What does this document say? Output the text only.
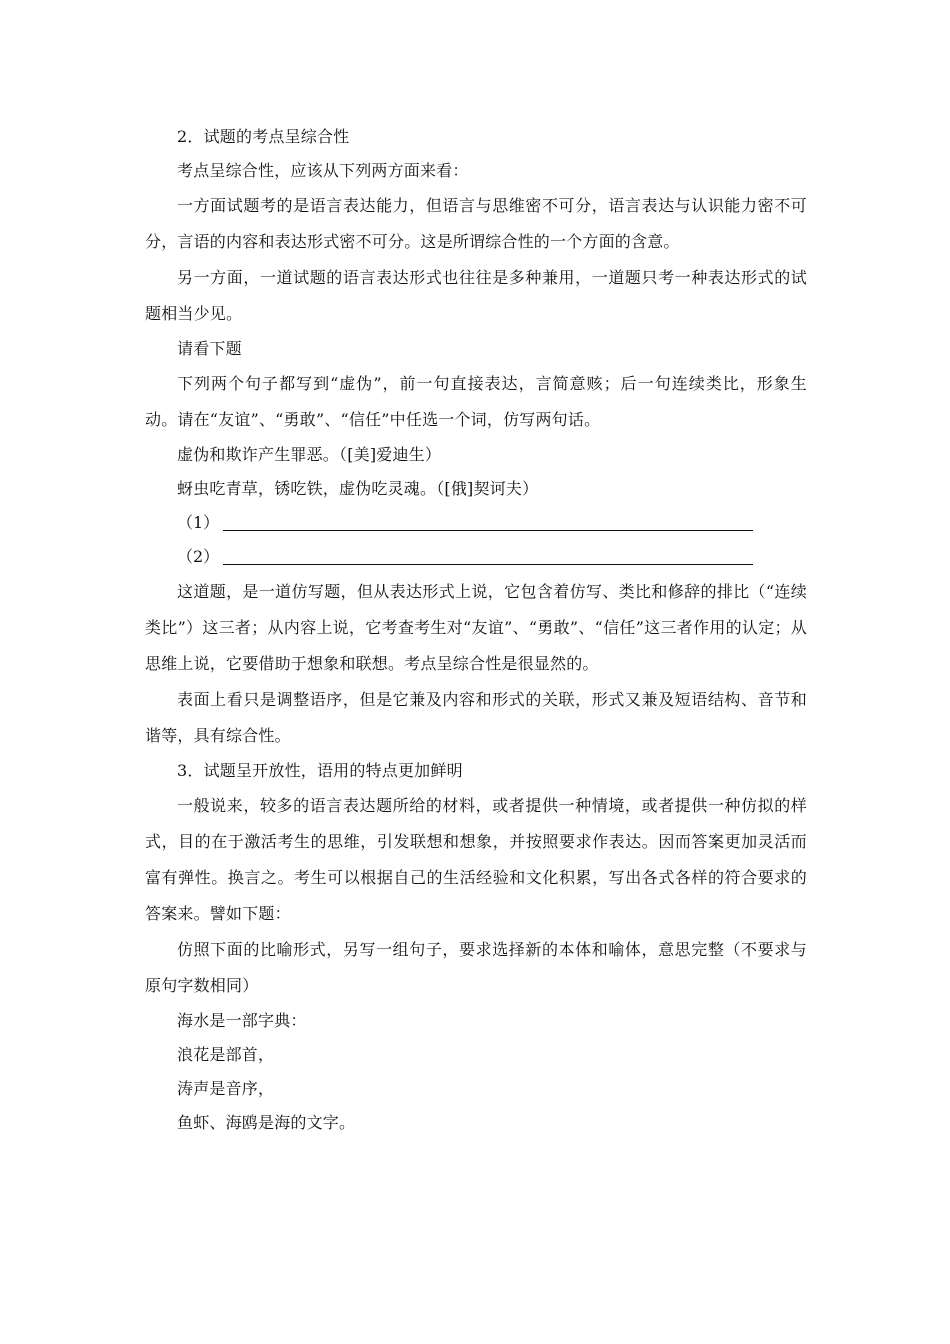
2．试题的考点呈综合性

考点呈综合性，应该从下列两方面来看：

一方面试题考的是语言表达能力，但语言与思维密不可分，语言表达与认识能力密不可分，言语的内容和表达形式密不可分。这是所谓综合性的一个方面的含意。

另一方面，一道试题的语言表达形式也往往是多种兼用，一道题只考一种表达形式的试题相当少见。

请看下题

下列两个句子都写到“虚伪”，前一句直接表达，言简意赅；后一句连续类比，形象生动。请在“友谊”、“勇敢”、“信任”中任选一个词，仿写两句话。

虚伪和欺诈产生罪恶。（[美]爱迪生）

蚜虫吃青草，锈吃铁，虚伪吃灵魂。（[俄]契诃夫）

（1）
（2）

这道题，是一道仿写题，但从表达形式上说，它包含着仿写、类比和修辞的排比（“连续类比”）这三者；从内容上说，它考查考生对“友谊”、“勇敢”、“信任”这三者作用的认定；从思维上说，它要借助于想象和联想。考点呈综合性是很显然的。

表面上看只是调整语序，但是它兼及内容和形式的关联，形式又兼及短语结构、音节和谐等，具有综合性。

3．试题呈开放性，语用的特点更加鲜明

一般说来，较多的语言表达题所给的材料，或者提供一种情境，或者提供一种仿拟的样式，目的在于激活考生的思维，引发联想和想象，并按照要求作表达。因而答案更加灵活而富有弹性。换言之。考生可以根据自己的生活经验和文化积累，写出各式各样的符合要求的答案来。譬如下题：

仿照下面的比喻形式，另写一组句子，要求选择新的本体和喻体，意思完整（不要求与原句字数相同）

海水是一部字典：

浪花是部首，

涛声是音序，

鱼虾、海鸥是海的文字。
